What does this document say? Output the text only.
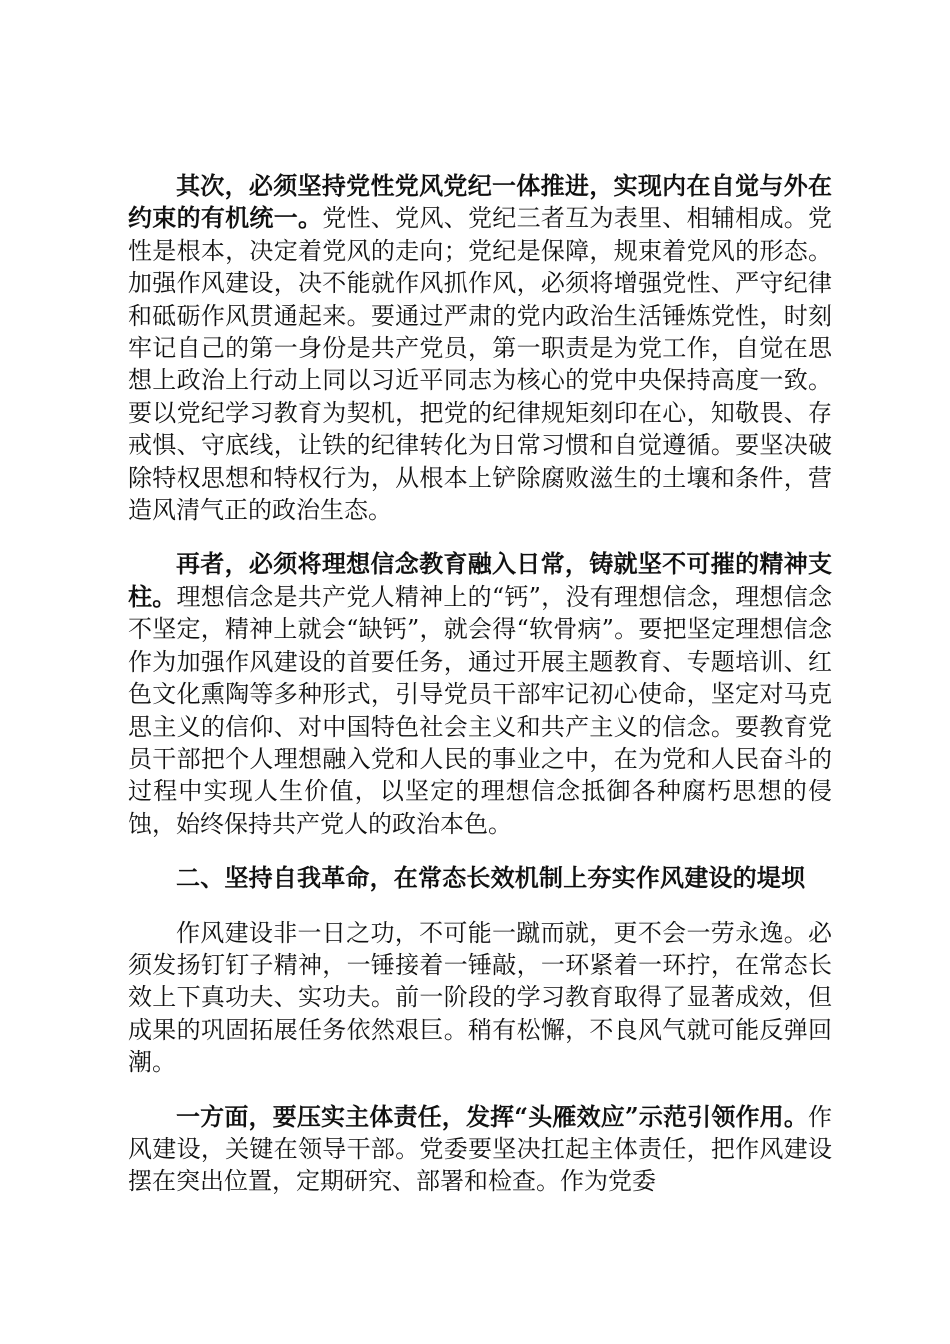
其次，必须坚持党性党风党纪一体推进，实现内在自觉与外在约束的有机统一。党性、党风、党纪三者互为表里、相辅相成。党性是根本，决定着党风的走向；党纪是保障，规束着党风的形态。加强作风建设，决不能就作风抓作风，必须将增强党性、严守纪律和砥砺作风贯通起来。要通过严肃的党内政治生活锤炼党性，时刻牢记自己的第一身份是共产党员，第一职责是为党工作，自觉在思想上政治上行动上同以习近平同志为核心的党中央保持高度一致。要以党纪学习教育为契机，把党的纪律规矩刻印在心，知敬畏、存戒惧、守底线，让铁的纪律转化为日常习惯和自觉遵循。要坚决破除特权思想和特权行为，从根本上铲除腐败滋生的土壤和条件，营造风清气正的政治生态。

再者，必须将理想信念教育融入日常，铸就坚不可摧的精神支柱。理想信念是共产党人精神上的“钙”，没有理想信念，理想信念不坚定，精神上就会“缺钙”，就会得“软骨病”。要把坚定理想信念作为加强作风建设的首要任务，通过开展主题教育、专题培训、红色文化熏陶等多种形式，引导党员干部牢记初心使命，坚定对马克思主义的信仰、对中国特色社会主义和共产主义的信念。要教育党员干部把个人理想融入党和人民的事业之中，在为党和人民奋斗的过程中实现人生价值，以坚定的理想信念抵御各种腐朽思想的侵蚀，始终保持共产党人的政治本色。

二、坚持自我革命，在常态长效机制上夯实作风建设的堤坝

作风建设非一日之功，不可能一蹴而就，更不会一劳永逸。必须发扬钉钉子精神，一锤接着一锤敲，一环紧着一环拧，在常态长效上下真功夫、实功夫。前一阶段的学习教育取得了显著成效，但成果的巩固拓展任务依然艰巨。稍有松懈，不良风气就可能反弹回潮。

一方面，要压实主体责任，发挥“头雁效应”示范引领作用。作风建设，关键在领导干部。党委要坚决扛起主体责任，把作风建设摆在突出位置，定期研究、部署和检查。作为党委
